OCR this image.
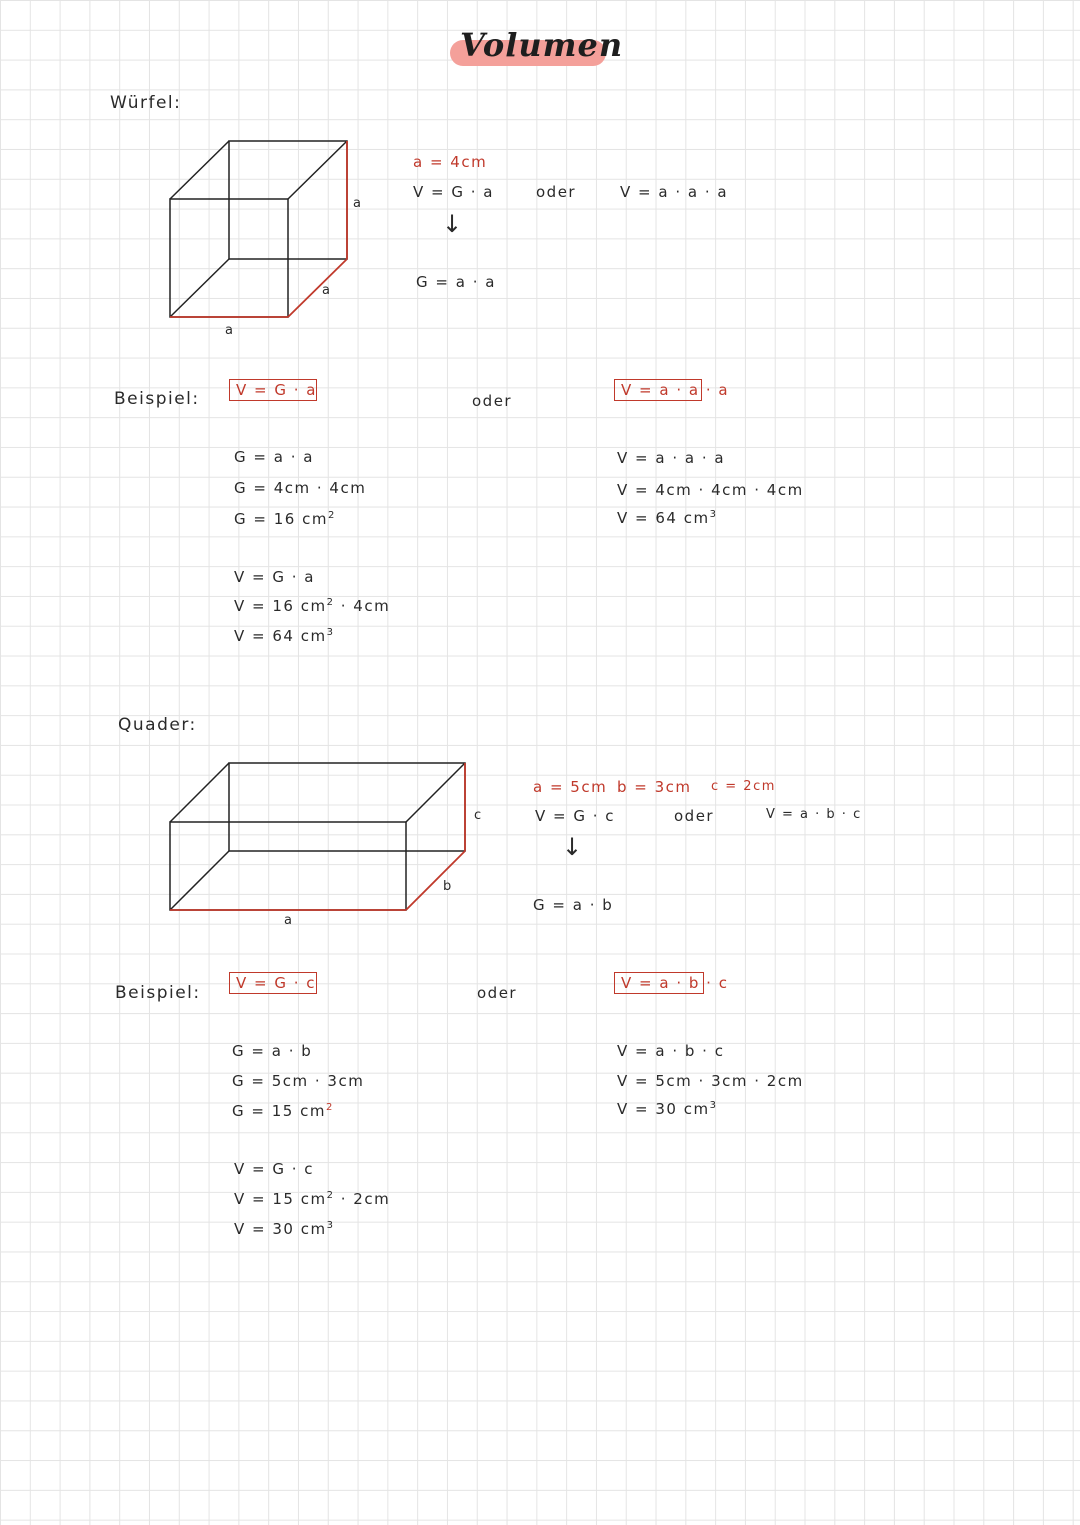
Volumen
Würfel:
a
a
a
a = 4cm
V = G · a
↓
G = a · a
oder	V = a · a · a
Beispiel:	V = G · a
oder
V = a · a · a
G = a · a
G = 4cm · 4cm
G = 16 $cm^2$
V = G · a
V = 16 $cm^2 \cdot 4cm$
V = 64 $cm^3$
V = a · a · a
V = 4cm · 4cm · 4cm
V = 64 $cm^3$
Quader:
c
b
a
a = 5cm b = 3cm c = 2cm
V = G · c
↓
G = a · b
oder	V = a · b · c
Beispiel:	V = G · c
oder
V = a · b · c
G = a · b
G = 5cm · 3cm
G = 15 $cm^2$
V = G · c
V = 15 $cm^2 \cdot 2cm$
V = 30 $cm^3$
V = a · b · c
V = 5cm · 3cm · 2cm
V = 30 $cm^3$
